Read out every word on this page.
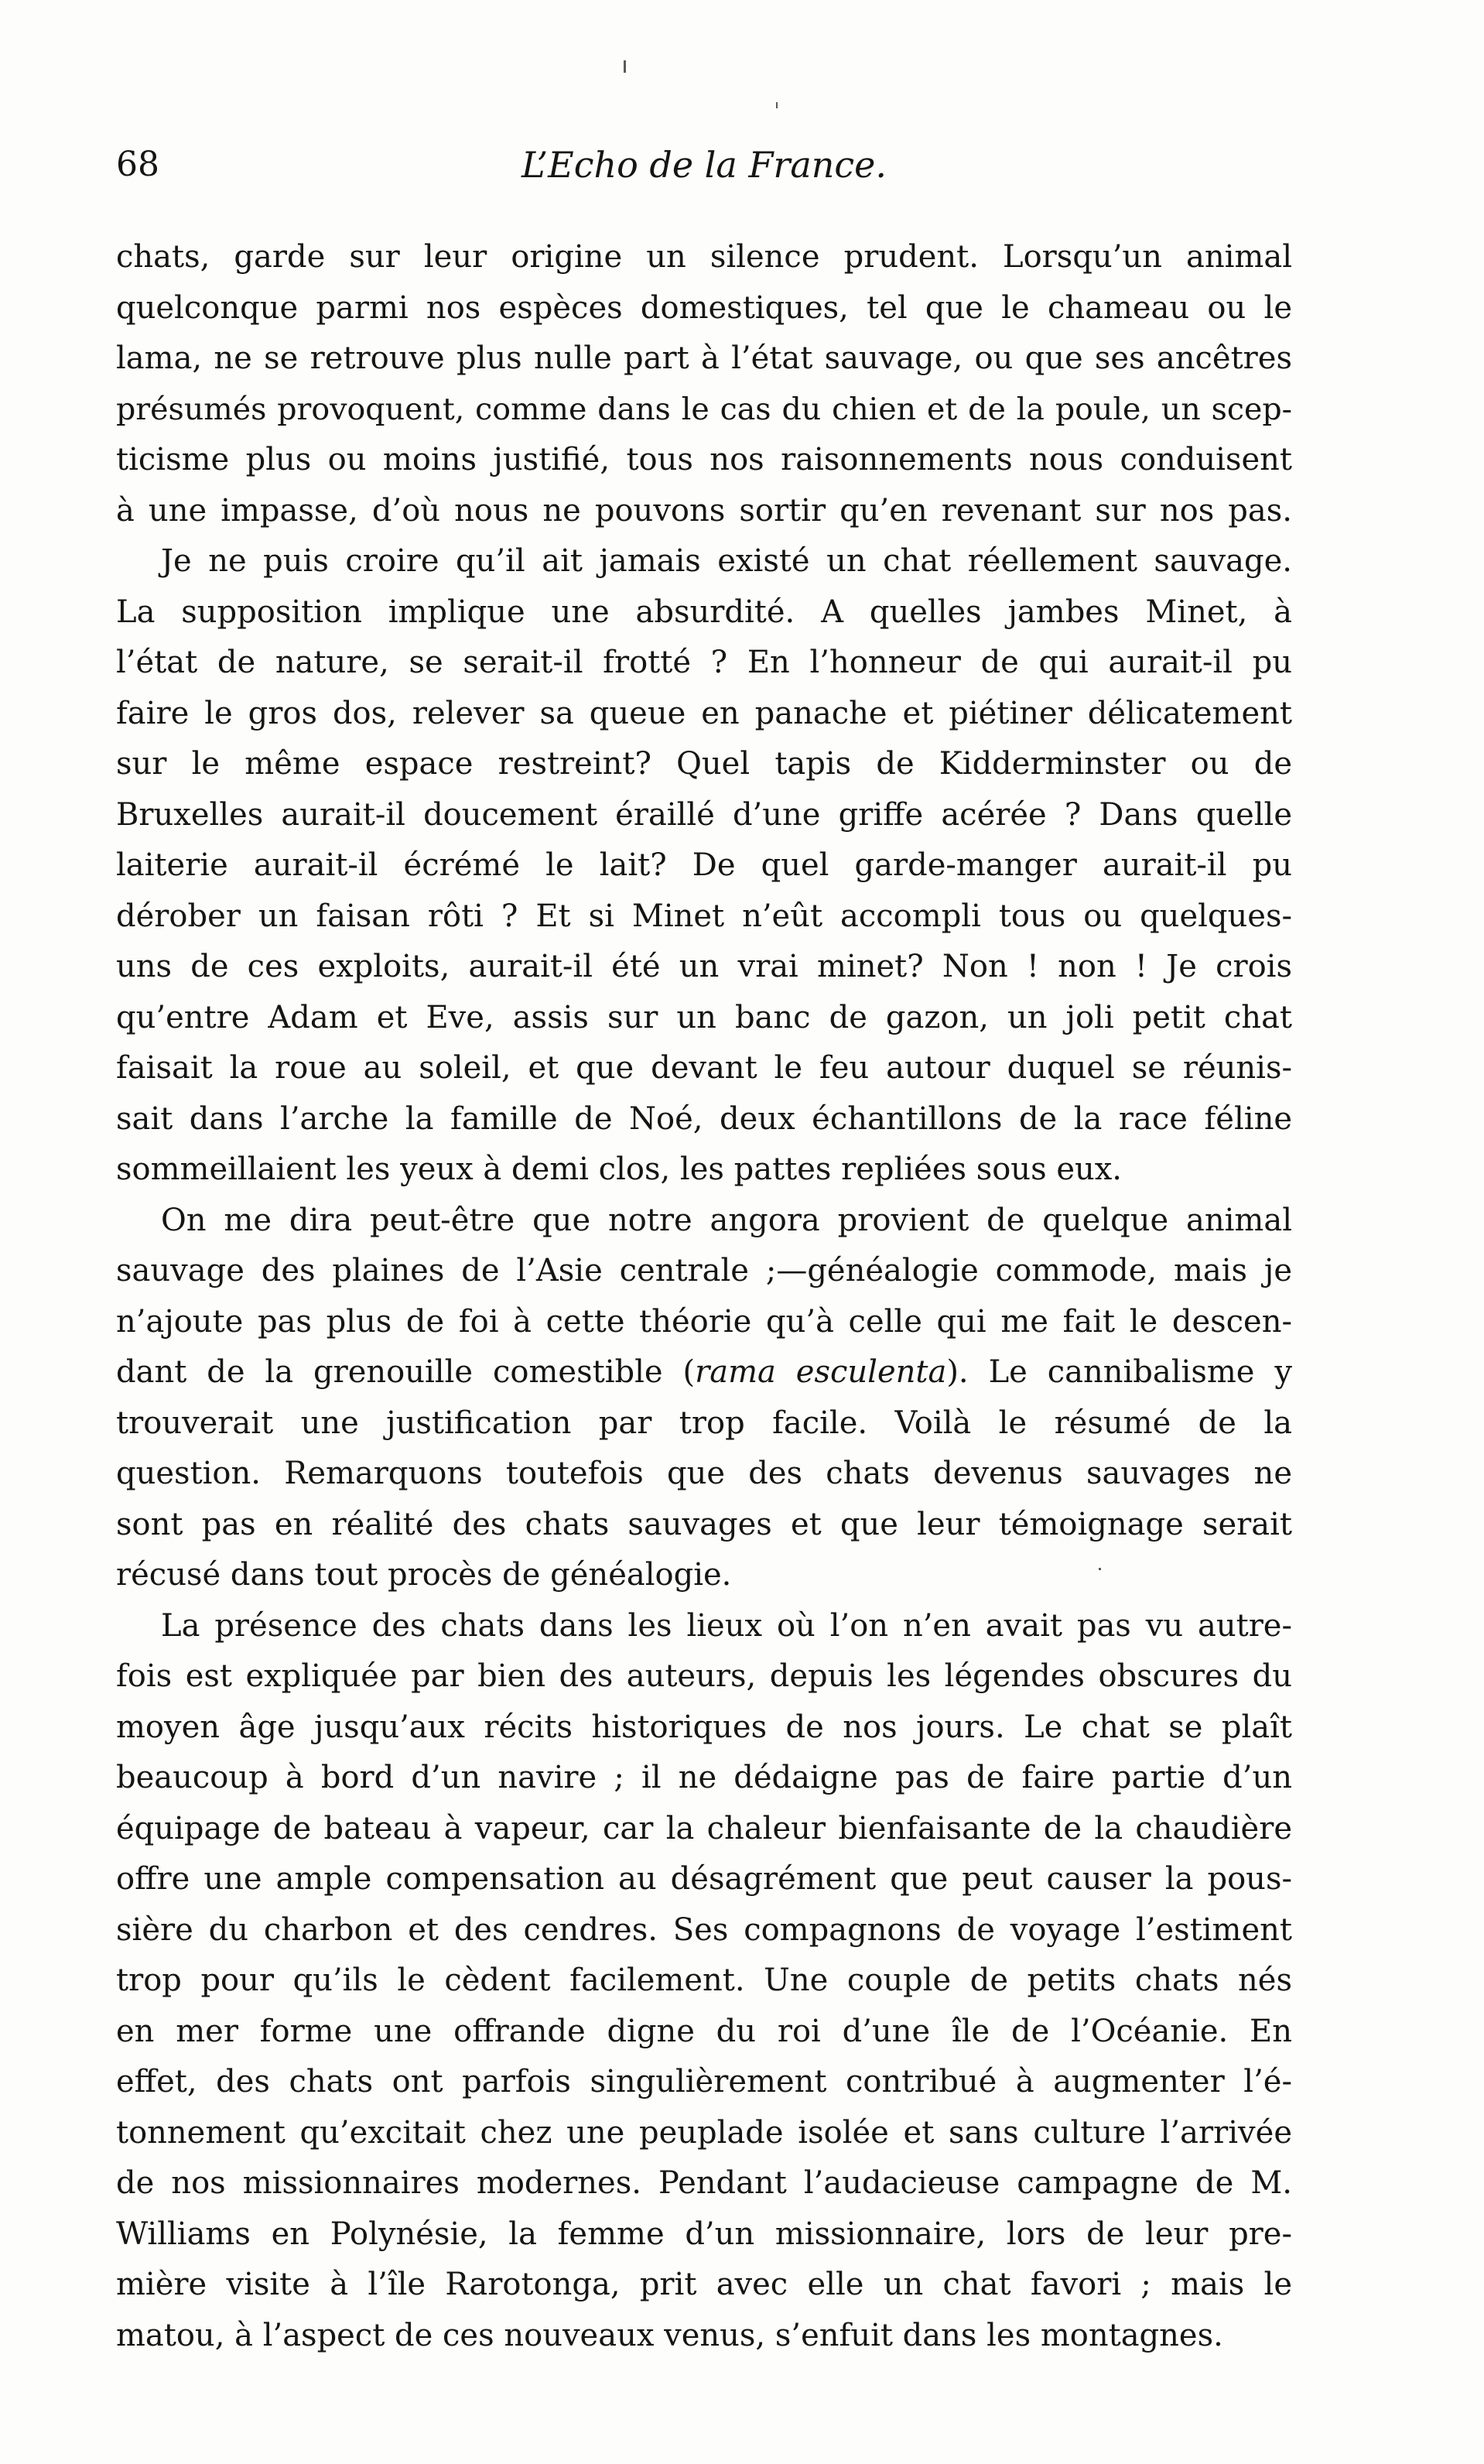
68	L’Echo de la France.
chats, garde sur leur origine un silence prudent. Lorsqu’un animal
quelconque parmi nos espèces domestiques, tel que le chameau ou le
lama, ne se retrouve plus nulle part à l’état sauvage, ou que ses ancêtres
présumés provoquent, comme dans le cas du chien et de la poule, un scep-
ticisme plus ou moins justifié, tous nos raisonnements nous conduisent
à une impasse, d’où nous ne pouvons sortir qu’en revenant sur nos pas.
Je ne puis croire qu’il ait jamais existé un chat réellement sauvage.
La supposition implique une absurdité. A quelles jambes Minet, à
l’état de nature, se serait-il frotté ? En l’honneur de qui aurait-il pu
faire le gros dos, relever sa queue en panache et piétiner délicatement
sur le même espace restreint? Quel tapis de Kidderminster ou de
Bruxelles aurait-il doucement éraillé d’une griffe acérée ? Dans quelle
laiterie aurait-il écrémé le lait? De quel garde-manger aurait-il pu
dérober un faisan rôti ? Et si Minet n’eût accompli tous ou quelques-
uns de ces exploits, aurait-il été un vrai minet? Non ! non ! Je crois
qu’entre Adam et Eve, assis sur un banc de gazon, un joli petit chat
faisait la roue au soleil, et que devant le feu autour duquel se réunis-
sait dans l’arche la famille de Noé, deux échantillons de la race féline
sommeillaient les yeux à demi clos, les pattes repliées sous eux.
On me dira peut-être que notre angora provient de quelque animal
sauvage des plaines de l’Asie centrale ;—généalogie commode, mais je
n’ajoute pas plus de foi à cette théorie qu’à celle qui me fait le descen-
dant de la grenouille comestible (rama esculenta). Le cannibalisme y
trouverait une justification par trop facile. Voilà le résumé de la
question. Remarquons toutefois que des chats devenus sauvages ne
sont pas en réalité des chats sauvages et que leur témoignage serait
récusé dans tout procès de généalogie.
La présence des chats dans les lieux où l’on n’en avait pas vu autre-
fois est expliquée par bien des auteurs, depuis les légendes obscures du
moyen âge jusqu’aux récits historiques de nos jours. Le chat se plaît
beaucoup à bord d’un navire ; il ne dédaigne pas de faire partie d’un
équipage de bateau à vapeur, car la chaleur bienfaisante de la chaudière
offre une ample compensation au désagrément que peut causer la pous-
sière du charbon et des cendres. Ses compagnons de voyage l’estiment
trop pour qu’ils le cèdent facilement. Une couple de petits chats nés
en mer forme une offrande digne du roi d’une île de l’Océanie. En
effet, des chats ont parfois singulièrement contribué à augmenter l’é-
tonnement qu’excitait chez une peuplade isolée et sans culture l’arrivée
de nos missionnaires modernes. Pendant l’audacieuse campagne de M.
Williams en Polynésie, la femme d’un missionnaire, lors de leur pre-
mière visite à l’île Rarotonga, prit avec elle un chat favori ; mais le
matou, à l’aspect de ces nouveaux venus, s’enfuit dans les montagnes.
